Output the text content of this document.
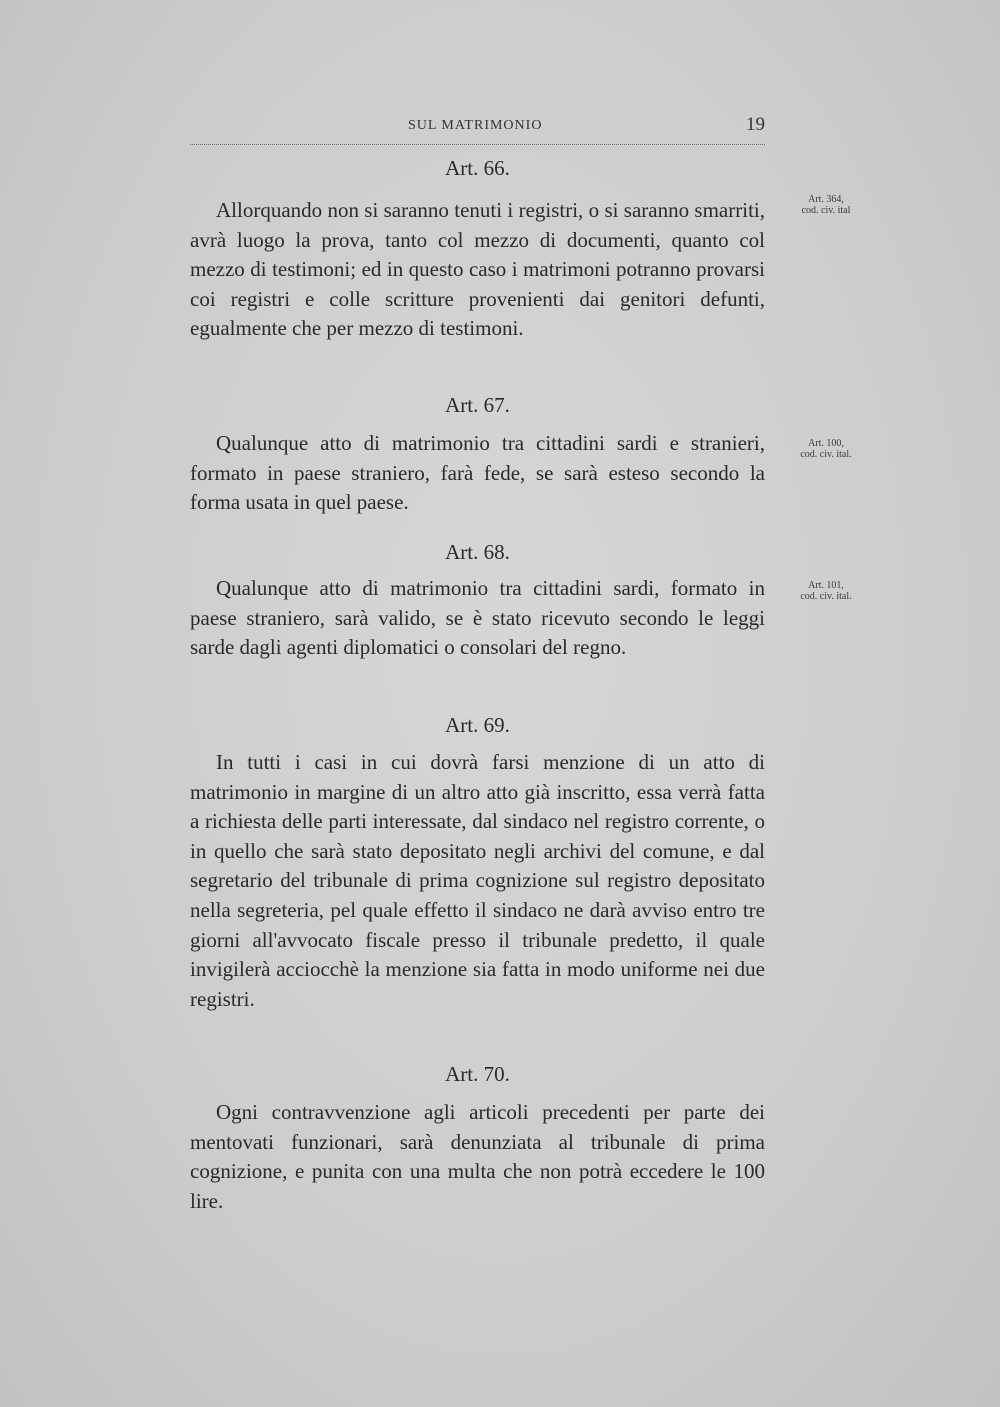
SUL MATRIMONIO	19
Art. 66.

Allorquando non si saranno tenuti i registri, o si saranno smarriti, avrà luogo la prova, tanto col mezzo di documenti, quanto col mezzo di testimoni; ed in questo caso i matrimoni potranno provarsi coi registri e colle scritture provenienti dai genitori defunti, egualmente che per mezzo di testimoni.

Art. 364,
cod. civ. ital
Art. 67.

Qualunque atto di matrimonio tra cittadini sardi e stranieri, formato in paese straniero, farà fede, se sarà esteso secondo la forma usata in quel paese.

Art. 100,
cod. civ. ital.
Art. 68.

Qualunque atto di matrimonio tra cittadini sardi, formato in paese straniero, sarà valido, se è stato ricevuto secondo le leggi sarde dagli agenti diplomatici o consolari del regno.

Art. 101,
cod. civ. ital.
Art. 69.

In tutti i casi in cui dovrà farsi menzione di un atto di matrimonio in margine di un altro atto già inscritto, essa verrà fatta a richiesta delle parti interessate, dal sindaco nel registro corrente, o in quello che sarà stato depositato negli archivi del comune, e dal segretario del tribunale di prima cognizione sul registro depositato nella segreteria, pel quale effetto il sindaco ne darà avviso entro tre giorni all'avvocato fiscale presso il tribunale predetto, il quale invigilerà acciocchè la menzione sia fatta in modo uniforme nei due registri.

Art. 70.

Ogni contravvenzione agli articoli precedenti per parte dei mentovati funzionari, sarà denunziata al tribunale di prima cognizione, e punita con una multa che non potrà eccedere le 100 lire.
